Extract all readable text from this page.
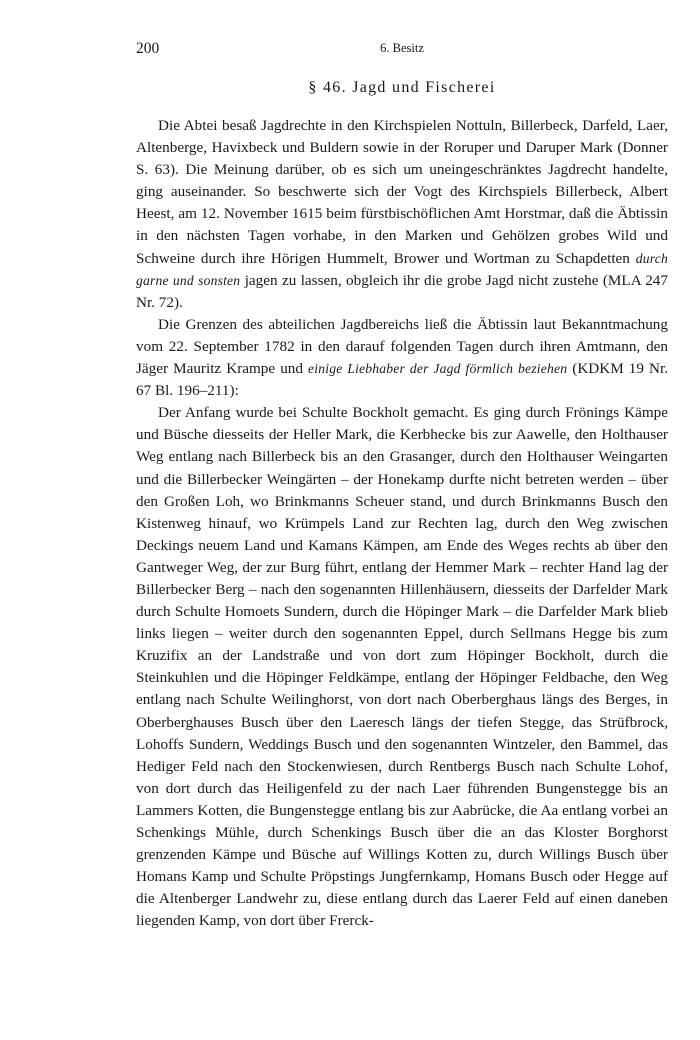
200	6. Besitz
§ 46. Jagd und Fischerei

Die Abtei besaß Jagdrechte in den Kirchspielen Nottuln, Billerbeck, Darfeld, Laer, Altenberge, Havixbeck und Buldern sowie in der Roruper und Daruper Mark (Donner S. 63). Die Meinung darüber, ob es sich um uneingeschränktes Jagdrecht handelte, ging auseinander. So beschwerte sich der Vogt des Kirchspiels Billerbeck, Albert Heest, am 12. November 1615 beim fürstbischöflichen Amt Horstmar, daß die Äbtissin in den nächsten Tagen vorhabe, in den Marken und Gehölzen grobes Wild und Schweine durch ihre Hörigen Hummelt, Brower und Wortman zu Schapdetten durch garne und sonsten jagen zu lassen, obgleich ihr die grobe Jagd nicht zustehe (MLA 247 Nr. 72).

Die Grenzen des abteilichen Jagdbereichs ließ die Äbtissin laut Bekanntmachung vom 22. September 1782 in den darauf folgenden Tagen durch ihren Amtmann, den Jäger Mauritz Krampe und einige Liebhaber der Jagd förmlich beziehen (KDKM 19 Nr. 67 Bl. 196–211):

Der Anfang wurde bei Schulte Bockholt gemacht. Es ging durch Frönings Kämpe und Büsche diesseits der Heller Mark, die Kerbhecke bis zur Aawelle, den Holthauser Weg entlang nach Billerbeck bis an den Grasanger, durch den Holthauser Weingarten und die Billerbecker Weingärten – der Honekamp durfte nicht betreten werden – über den Großen Loh, wo Brinkmanns Scheuer stand, und durch Brinkmanns Busch den Kistenweg hinauf, wo Krümpels Land zur Rechten lag, durch den Weg zwischen Deckings neuem Land und Kamans Kämpen, am Ende des Weges rechts ab über den Gantweger Weg, der zur Burg führt, entlang der Hemmer Mark – rechter Hand lag der Billerbecker Berg – nach den sogenannten Hillenhäusern, diesseits der Darfelder Mark durch Schulte Homoets Sundern, durch die Höpinger Mark – die Darfelder Mark blieb links liegen – weiter durch den sogenannten Eppel, durch Sellmans Hegge bis zum Kruzifix an der Landstraße und von dort zum Höpinger Bockholt, durch die Steinkuhlen und die Höpinger Feldkämpe, entlang der Höpinger Feldbache, den Weg entlang nach Schulte Weilinghorst, von dort nach Oberberghaus längs des Berges, in Oberberghauses Busch über den Laeresch längs der tiefen Stegge, das Strüfbrock, Lohoffs Sundern, Weddings Busch und den sogenannten Wintzeler, den Bammel, das Hediger Feld nach den Stockenwiesen, durch Rentbergs Busch nach Schulte Lohof, von dort durch das Heiligenfeld zu der nach Laer führenden Bungenstegge bis an Lammers Kotten, die Bungenstegge entlang bis zur Aabrücke, die Aa entlang vorbei an Schenkings Mühle, durch Schenkings Busch über die an das Kloster Borghorst grenzenden Kämpe und Büsche auf Willings Kotten zu, durch Willings Busch über Homans Kamp und Schulte Pröpstings Jungfernkamp, Homans Busch oder Hegge auf die Altenberger Landwehr zu, diese entlang durch das Laerer Feld auf einen daneben liegenden Kamp, von dort über Frerck-
